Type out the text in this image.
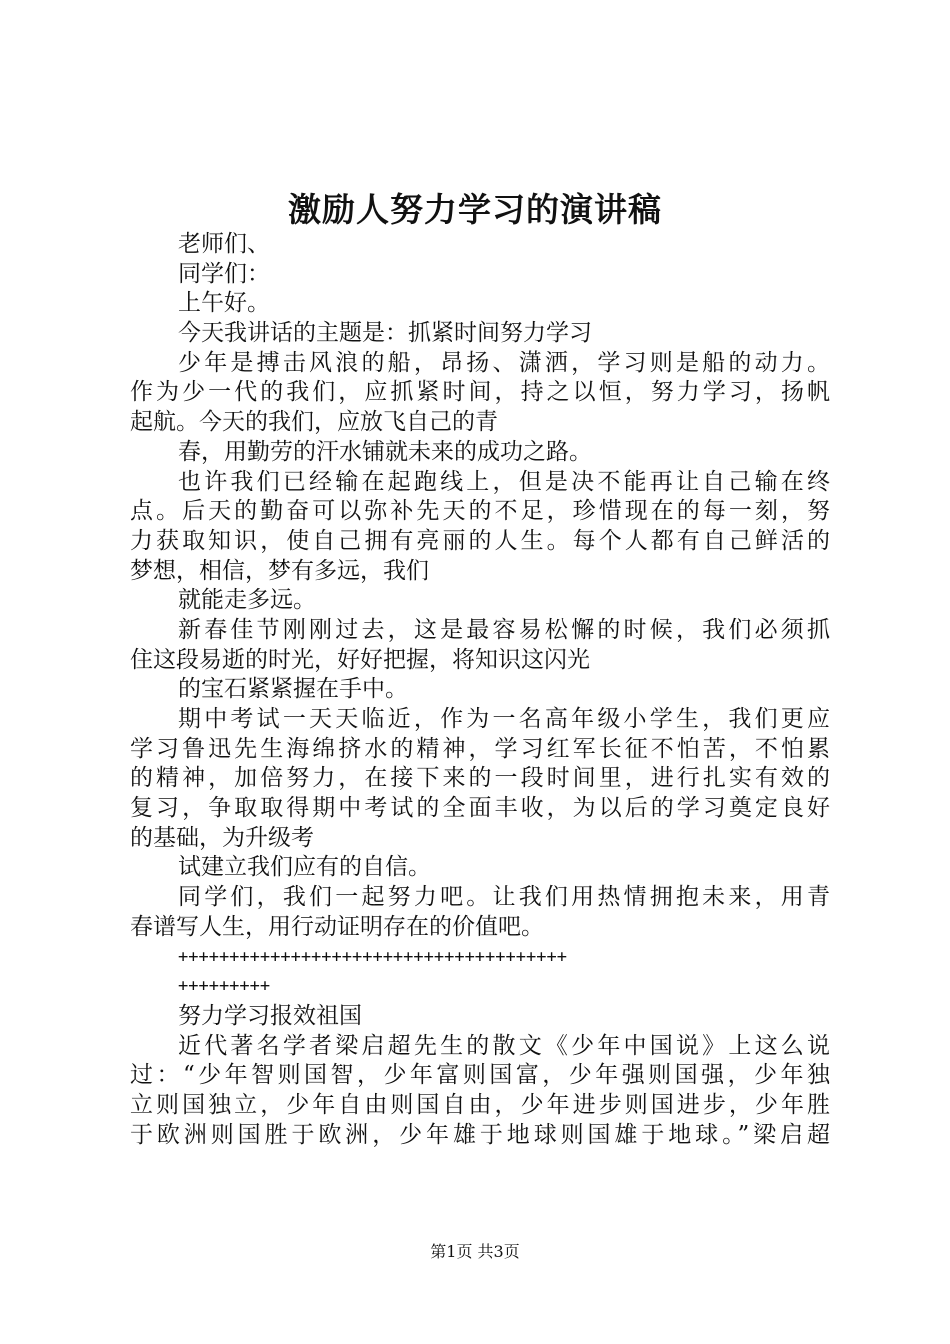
激励人努力学习的演讲稿
老师们、
同学们：
上午好。
今天我讲话的主题是：抓紧时间努力学习
少年是搏击风浪的船，昂扬、潇洒，学习则是船的动力。
作为少一代的我们，应抓紧时间，持之以恒，努力学习，扬帆
起航。今天的我们，应放飞自己的青
春，用勤劳的汗水铺就未来的成功之路。
也许我们已经输在起跑线上，但是决不能再让自己输在终
点。后天的勤奋可以弥补先天的不足，珍惜现在的每一刻，努
力获取知识，使自己拥有亮丽的人生。每个人都有自己鲜活的
梦想，相信，梦有多远，我们
就能走多远。
新春佳节刚刚过去，这是最容易松懈的时候，我们必须抓
住这段易逝的时光，好好把握，将知识这闪光
的宝石紧紧握在手中。
期中考试一天天临近，作为一名高年级小学生，我们更应
学习鲁迅先生海绵挤水的精神，学习红军长征不怕苦，不怕累
的精神，加倍努力，在接下来的一段时间里，进行扎实有效的
复习，争取取得期中考试的全面丰收，为以后的学习奠定良好
的基础，为升级考
试建立我们应有的自信。
同学们，我们一起努力吧。让我们用热情拥抱未来，用青
春谱写人生，用行动证明存在的价值吧。
++++++++++++++++++++++++++++++++++++++
+++++++++
努力学习报效祖国
近代著名学者梁启超先生的散文《少年中国说》上这么说
过：“少年智则国智，少年富则国富，少年强则国强，少年独
立则国独立，少年自由则国自由，少年进步则国进步，少年胜
于欧洲则国胜于欧洲，少年雄于地球则国雄于地球。”梁启超
第1页 共3页
